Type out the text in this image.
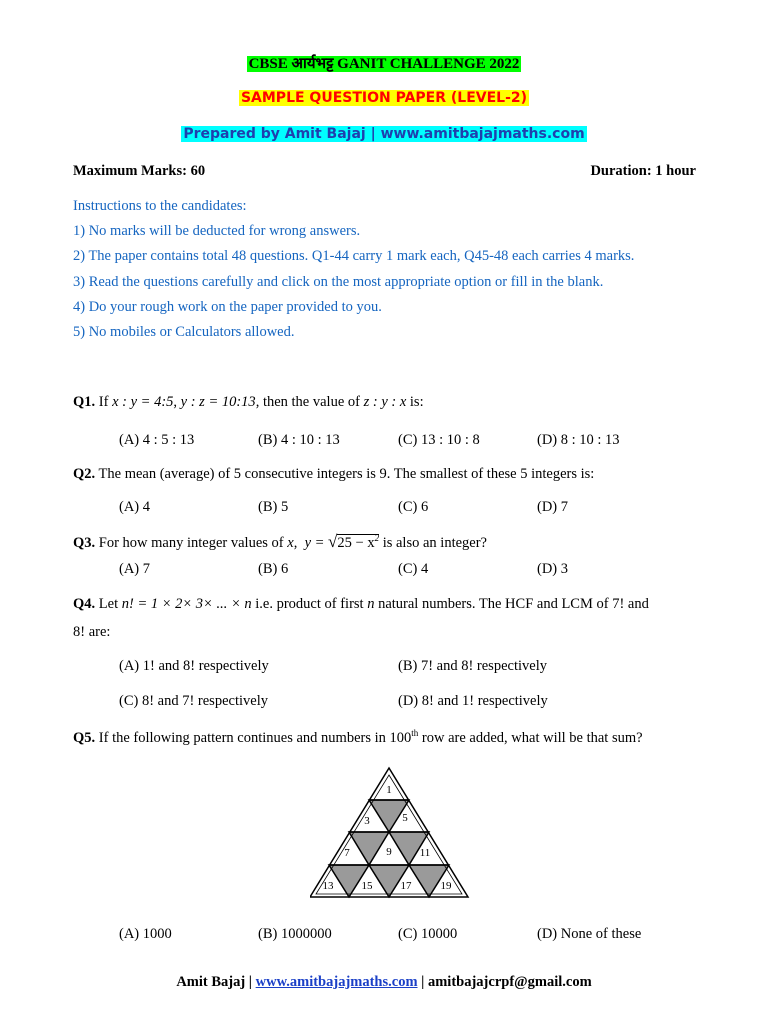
CBSE आर्यभट्ट GANIT CHALLENGE 2022
SAMPLE QUESTION PAPER (LEVEL-2)
Prepared by Amit Bajaj | www.amitbajajmaths.com
Maximum Marks: 60	Duration: 1 hour
Instructions to the candidates:
1) No marks will be deducted for wrong answers.
2) The paper contains total 48 questions. Q1-44 carry 1 mark each, Q45-48 each carries 4 marks.
3) Read the questions carefully and click on the most appropriate option or fill in the blank.
4) Do your rough work on the paper provided to you.
5) No mobiles or Calculators allowed.
Q1. If x : y = 4:5, y : z = 10:13, then the value of z : y : x is:
(A) 4 : 5 : 13	(B) 4 : 10 : 13	(C) 13 : 10 : 8	(D) 8 : 10 : 13
Q2. The mean (average) of 5 consecutive integers is 9. The smallest of these 5 integers is:
(A) 4	(B) 5	(C) 6	(D) 7
Q3. For how many integer values of x, $y = √25 - x^2$ is also an integer?
(A) 7	(B) 6	(C) 4	(D) 3
Q4. Let n! = 1 × 2× 3× ... × n i.e. product of first n natural numbers. The HCF and LCM of 7! and
8! are:
(A) 1! and 8! respectively	(B) 7! and 8! respectively
(C) 8! and 7! respectively	(D) 8! and 1! respectively
Q5. If the following pattern continues and numbers in 100th row are added, what will be that sum?
1
3	5
7	9	11
13	15	17	19
(A) 1000	(B) 1000000	(C) 10000	(D) None of these
Amit Bajaj | www.amitbajajmaths.com | amitbajajcrpf@gmail.com
